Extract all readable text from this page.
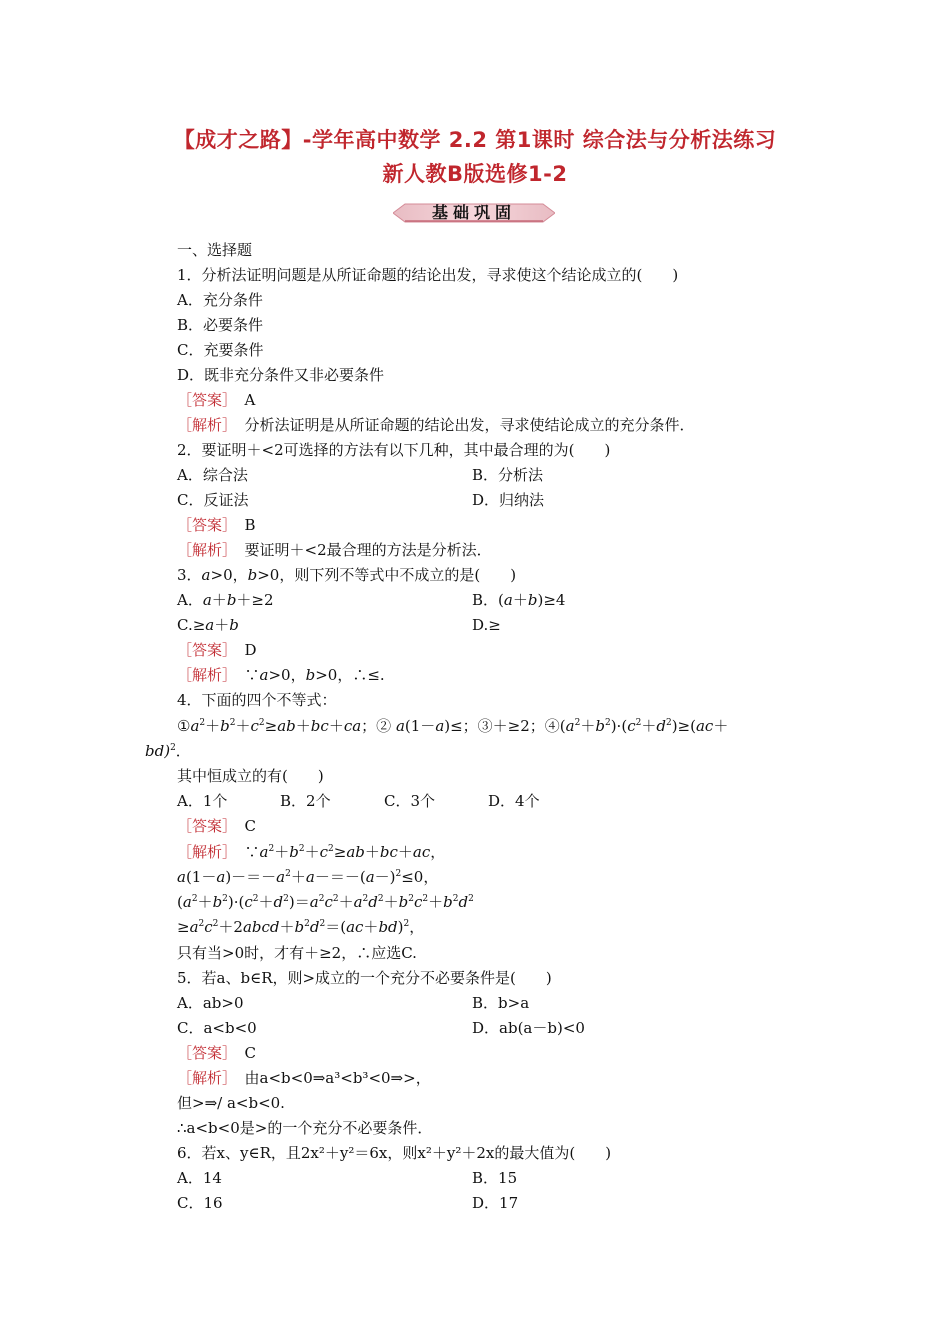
【成才之路】-学年高中数学 2.2 第1课时 综合法与分析法练习
新人教B版选修1-2
基础巩固
一、选择题
1．分析法证明问题是从所证命题的结论出发，寻求使这个结论成立的(　　)
A．充分条件
B．必要条件
C．充要条件
D．既非充分条件又非必要条件
［答案］　A
［解析］　分析法证明是从所证命题的结论出发，寻求使结论成立的充分条件．
2．要证明＋<2可选择的方法有以下几种，其中最合理的为(　　)
A．综合法	B．分析法
C．反证法	D．归纳法
［答案］　B
［解析］　要证明＋<2最合理的方法是分析法．
3．a>0，b>0，则下列不等式中不成立的是(　　)
A．a＋b＋≥2	B．(a＋b)≥4
C.≥a＋b	D.≥
［答案］　D
［解析］　∵a>0，b>0，∴≤.
4．下面的四个不等式：
$①a^2+b^2+c^2\ge ab+bc+ca$；② a(1－a)≤；③＋≥2；$④(a^2+b^2)\cdot(c^2+d^2)\ge(ac+$
bd)$^2$．
其中恒成立的有(　　)
A．1个	B．2个	C．3个	D．4个
［答案］　C
［解析］　$\because a^2+b^2+c^2\ge ab+bc+ac$，
$a(1-a)-=-a^2+a-=-(a-)^2\le 0$，
$(a^2+b^2)\cdot(c^2+d^2)=a^2c^2+a^2d^2+b^2c^2+b^2d^2$
$\ge a^2c^2+2abcd+b^2d^2=(ac+bd)^2$，
只有当>0时，才有＋≥2，∴应选C.
5．若a、b∈R，则>成立的一个充分不必要条件是(　　)
A．ab>0	B．b>a
C．a<b<0	D．ab(a－b)<0
［答案］　C
［解析］　由a<b<0⇒a³<b³<0⇒>，
但>⇒/ a<b<0.
∴a<b<0是>的一个充分不必要条件．
6．若x、y∈R，且2x²＋y²＝6x，则x²＋y²＋2x的最大值为(　　)
A．14	B．15
C．16	D．17
